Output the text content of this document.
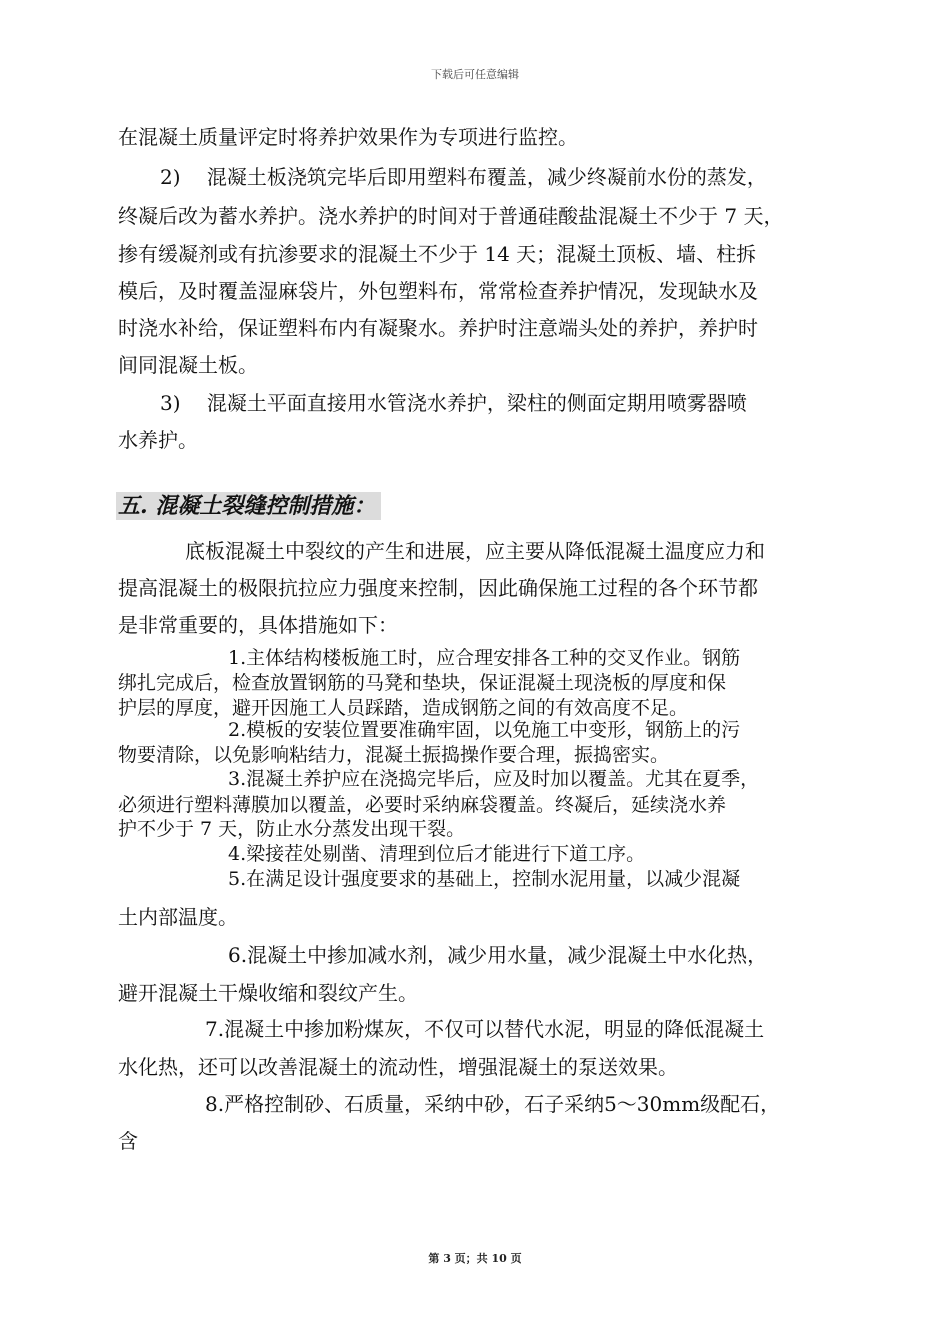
下载后可任意编辑
在混凝土质量评定时将养护效果作为专项进行监控。
2)　 混凝土板浇筑完毕后即用塑料布覆盖，减少终凝前水份的蒸发，
终凝后改为蓄水养护。浇水养护的时间对于普通硅酸盐混凝土不少于 7 天，
掺有缓凝剂或有抗渗要求的混凝土不少于 14 天；混凝土顶板、墙、柱拆
模后，及时覆盖湿麻袋片，外包塑料布，常常检查养护情况，发现缺水及
时浇水补给，保证塑料布内有凝聚水。养护时注意端头处的养护，养护时
间同混凝土板。
3)　 混凝土平面直接用水管浇水养护，梁柱的侧面定期用喷雾器喷
水养护。
五. 混凝土裂缝控制措施：
底板混凝土中裂纹的产生和进展，应主要从降低混凝土温度应力和
提高混凝土的极限抗拉应力强度来控制，因此确保施工过程的各个环节都
是非常重要的，具体措施如下：
1.主体结构楼板施工时，应合理安排各工种的交叉作业。钢筋
绑扎完成后，检查放置钢筋的马凳和垫块，保证混凝土现浇板的厚度和保
护层的厚度，避开因施工人员踩踏，造成钢筋之间的有效高度不足。
2.模板的安装位置要准确牢固，以免施工中变形，钢筋上的污
物要清除，以免影响粘结力，混凝土振捣操作要合理，振捣密实。
3.混凝土养护应在浇捣完毕后，应及时加以覆盖。尤其在夏季，
必须进行塑料薄膜加以覆盖，必要时采纳麻袋覆盖。终凝后，延续浇水养
护不少于 7 天，防止水分蒸发出现干裂。
4.梁接茬处剔凿、清理到位后才能进行下道工序。
5.在满足设计强度要求的基础上，控制水泥用量，以减少混凝
土内部温度。
6.混凝土中掺加减水剂，减少用水量，减少混凝土中水化热，
避开混凝土干燥收缩和裂纹产生。
7.混凝土中掺加粉煤灰，不仅可以替代水泥，明显的降低混凝土
水化热，还可以改善混凝土的流动性，增强混凝土的泵送效果。
8.严格控制砂、石质量，采纳中砂，石子采纳5～30mm级配石，
含
第 3 页；共 10 页
